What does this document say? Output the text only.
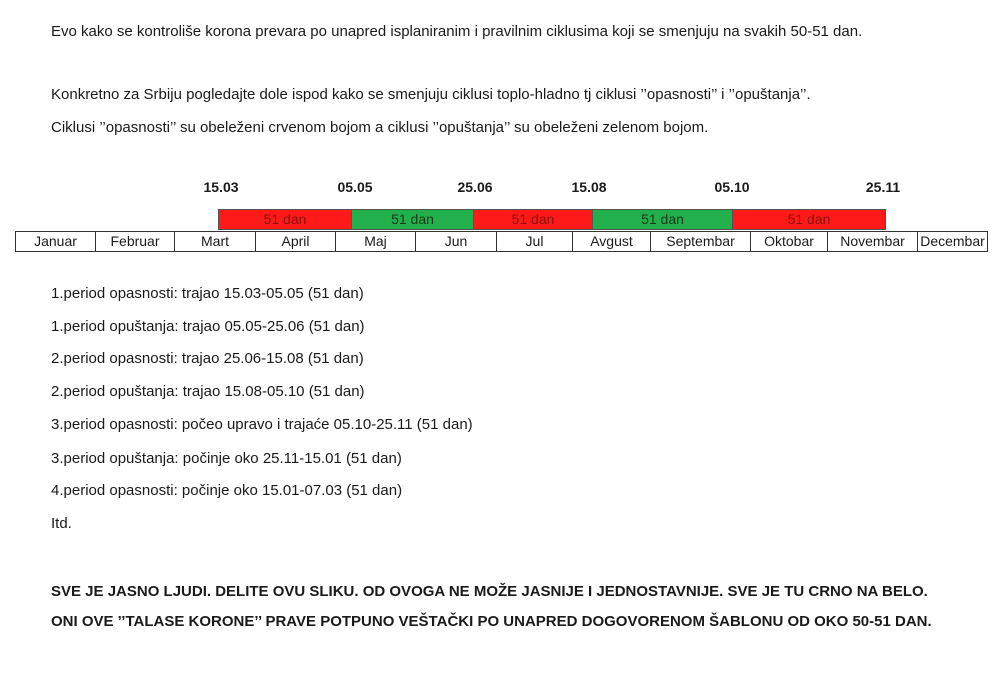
Evo kako se kontroliše korona prevara po unapred isplaniranim i pravilnim ciklusima koji se smenjuju na svakih 50-51 dan.
Konkretno za Srbiju pogledajte dole ispod kako se smenjuju ciklusi toplo-hladno tj ciklusi ’’opasnosti’’ i ’’opuštanja’’.
Ciklusi ’’opasnosti’’ su obeleženi crvenom bojom a ciklusi ’’opuštanja’’ su obeleženi zelenom bojom.
15.03	05.05	25.06	15.08	05.10	25.11
51 dan	51 dan	51 dan	51 dan	51 dan
Januar	Februar	Mart	April	Maj	Jun	Jul	Avgust	Septembar	Oktobar	Novembar	Decembar
1.period opasnosti: trajao 15.03-05.05 (51 dan)
1.period opuštanja: trajao 05.05-25.06 (51 dan)
2.period opasnosti: trajao 25.06-15.08 (51 dan)
2.period opuštanja: trajao 15.08-05.10 (51 dan)
3.period opasnosti: počeo upravo i trajaće 05.10-25.11 (51 dan)
3.period opuštanja: počinje oko 25.11-15.01 (51 dan)
4.period opasnosti: počinje oko 15.01-07.03 (51 dan)
Itd.
SVE JE JASNO LJUDI. DELITE OVU SLIKU. OD OVOGA NE MOŽE JASNIJE I JEDNOSTAVNIJE. SVE JE TU CRNO NA BELO.
ONI OVE ’’TALASE KORONE’’ PRAVE POTPUNO VEŠTAČKI PO UNAPRED DOGOVORENOM ŠABLONU OD OKO 50-51 DAN.
